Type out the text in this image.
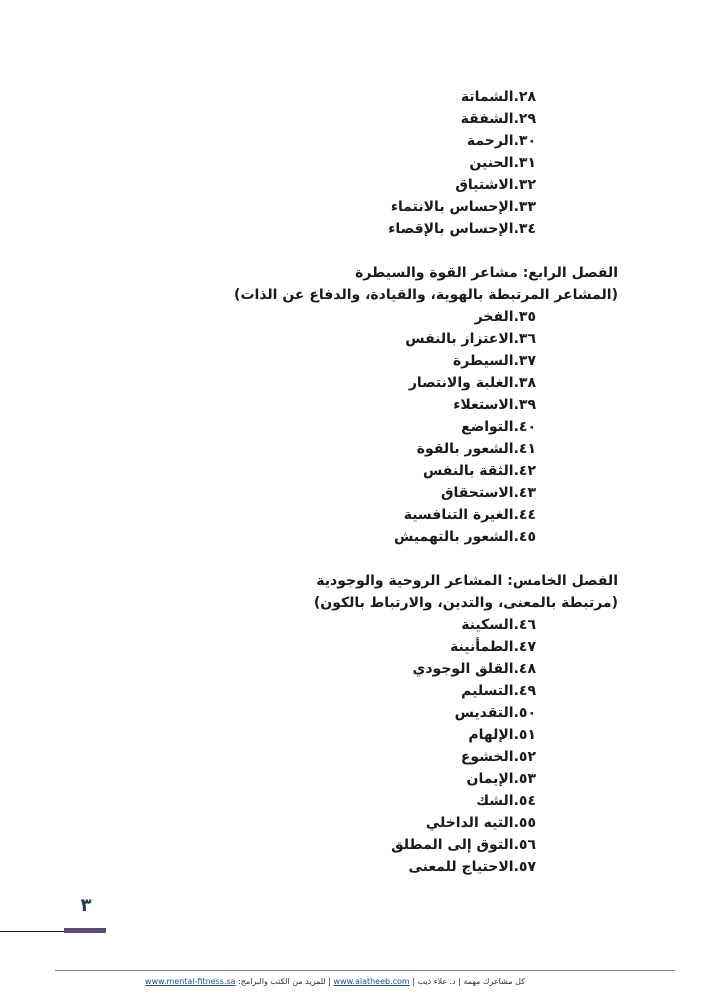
٢٨.الشماتة
٢٩.الشفقة
٣٠.الرحمة
٣١.الحنين
٣٢.الاشتياق
٣٣.الإحساس بالانتماء
٣٤.الإحساس بالإقصاء
الفصل الرابع: مشاعر القوة والسيطرة
(المشاعر المرتبطة بالهوية، والقيادة، والدفاع عن الذات)
٣٥.الفخر
٣٦.الاعتزاز بالنفس
٣٧.السيطرة
٣٨.الغلبة والانتصار
٣٩.الاستعلاء
٤٠.التواضع
٤١.الشعور بالقوة
٤٢.الثقة بالنفس
٤٣.الاستحقاق
٤٤.الغيرة التنافسية
٤٥.الشعور بالتهميش
الفصل الخامس: المشاعر الروحية والوجودية
(مرتبطة بالمعنى، والتدين، والارتباط بالكون)
٤٦.السكينة
٤٧.الطمأنينة
٤٨.القلق الوجودي
٤٩.التسليم
٥٠.التقديس
٥١.الإلهام
٥٢.الخشوع
٥٣.الإيمان
٥٤.الشك
٥٥.التيه الداخلي
٥٦.التوق إلى المطلق
٥٧.الاحتياج للمعنى
٣
كل مشاعرك مهمة | د. علاء ذيب | www.alatheeb.com | للمزيد من الكتب والبرامج: www.mental-fitness.sa
